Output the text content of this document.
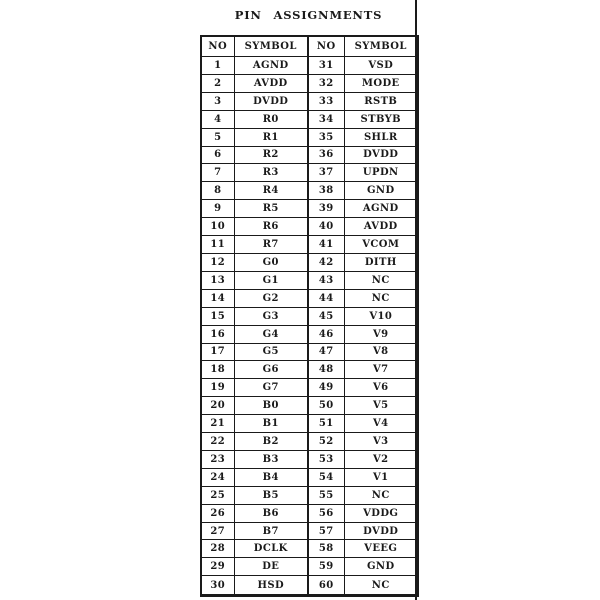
PIN ASSIGNMENTS
NO	SYMBOL	NO	SYMBOL
1	AGND	31	VSD
2	AVDD	32	MODE
3	DVDD	33	RSTB
4	R0	34	STBYB
5	R1	35	SHLR
6	R2	36	DVDD
7	R3	37	UPDN
8	R4	38	GND
9	R5	39	AGND
10	R6	40	AVDD
11	R7	41	VCOM
12	G0	42	DITH
13	G1	43	NC
14	G2	44	NC
15	G3	45	V10
16	G4	46	V9
17	G5	47	V8
18	G6	48	V7
19	G7	49	V6
20	B0	50	V5
21	B1	51	V4
22	B2	52	V3
23	B3	53	V2
24	B4	54	V1
25	B5	55	NC
26	B6	56	VDDG
27	B7	57	DVDD
28	DCLK	58	VEEG
29	DE	59	GND
30	HSD	60	NC
